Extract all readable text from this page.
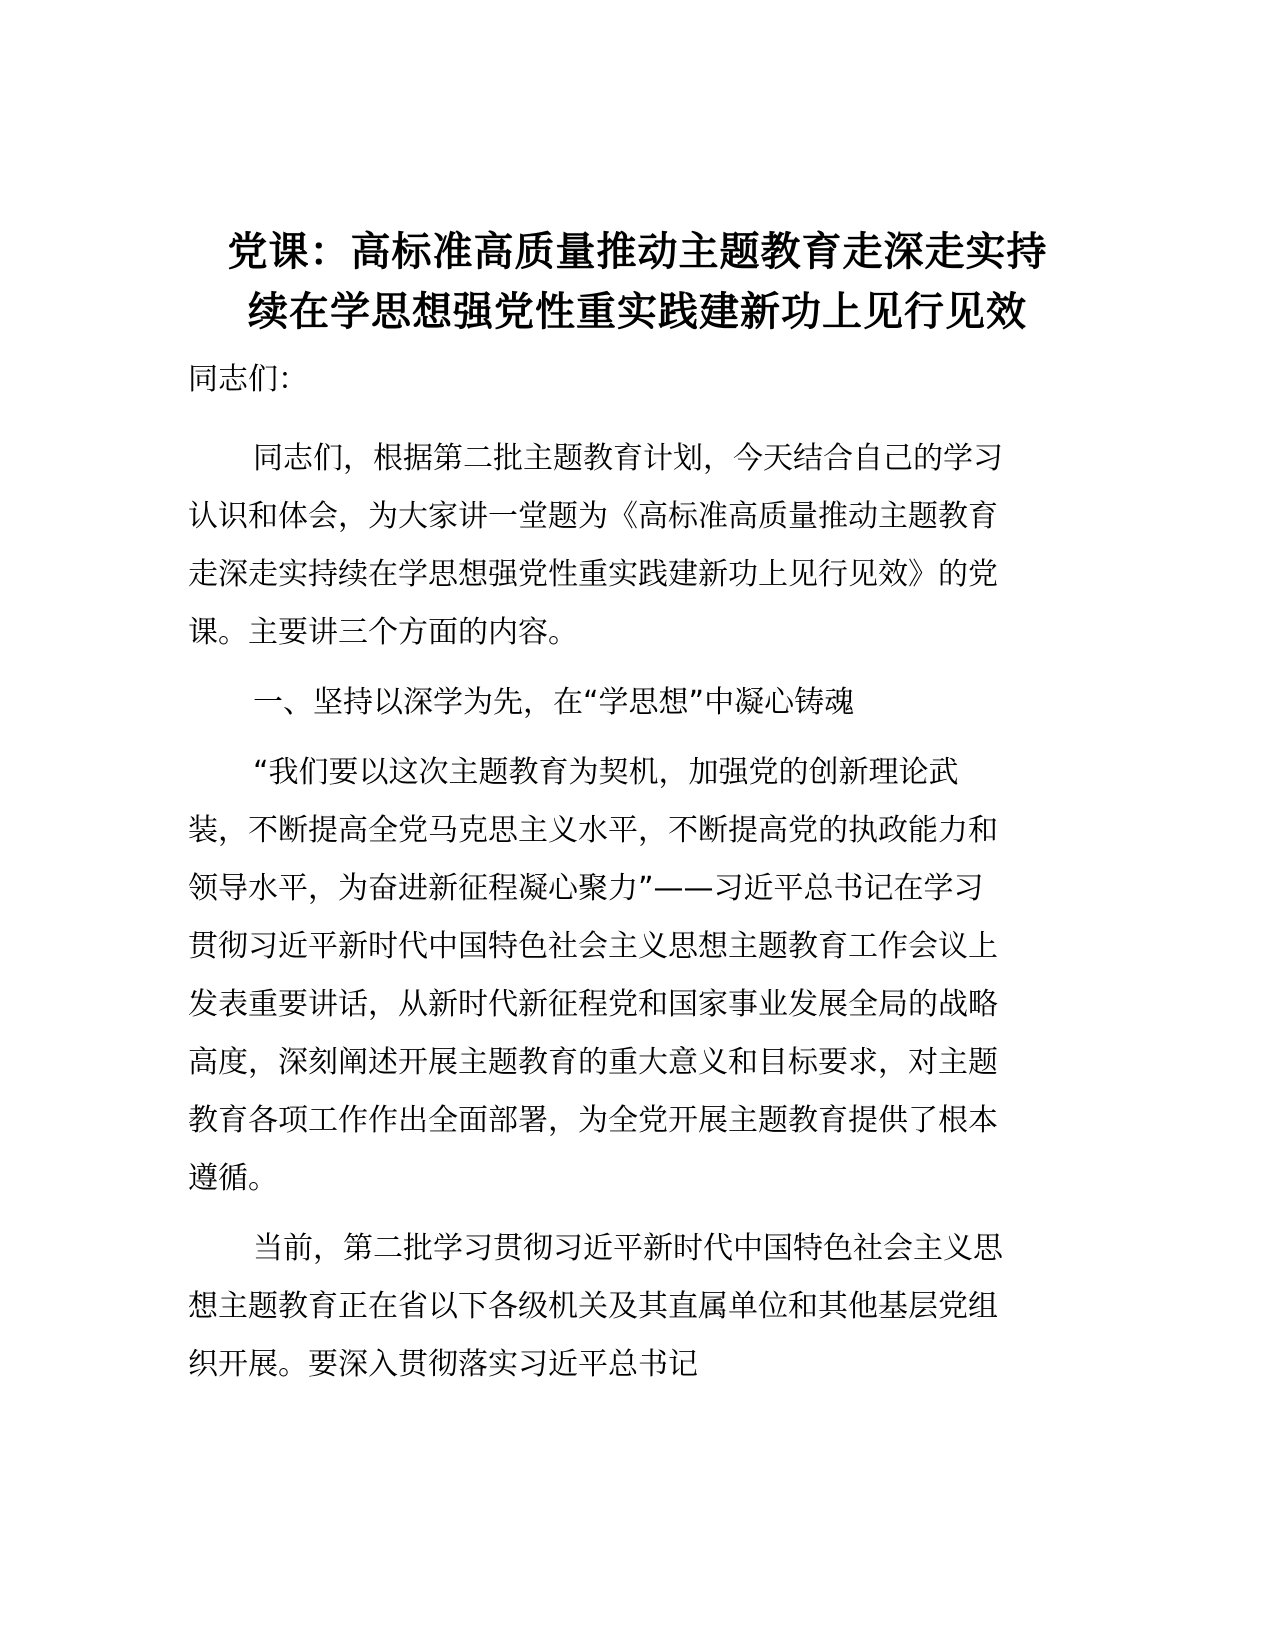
党课：高标准高质量推动主题教育走深走实持
续在学思想强党性重实践建新功上见行见效

同志们：

同志们，根据第二批主题教育计划，今天结合自己的学习
认识和体会，为大家讲一堂题为《高标准高质量推动主题教育
走深走实持续在学思想强党性重实践建新功上见行见效》的党
课。主要讲三个方面的内容。

一、坚持以深学为先，在“学思想”中凝心铸魂

“我们要以这次主题教育为契机，加强党的创新理论武
装，不断提高全党马克思主义水平，不断提高党的执政能力和
领导水平，为奋进新征程凝心聚力”——习近平总书记在学习
贯彻习近平新时代中国特色社会主义思想主题教育工作会议上
发表重要讲话，从新时代新征程党和国家事业发展全局的战略
高度，深刻阐述开展主题教育的重大意义和目标要求，对主题
教育各项工作作出全面部署，为全党开展主题教育提供了根本
遵循。

当前，第二批学习贯彻习近平新时代中国特色社会主义思
想主题教育正在省以下各级机关及其直属单位和其他基层党组
织开展。要深入贯彻落实习近平总书记
